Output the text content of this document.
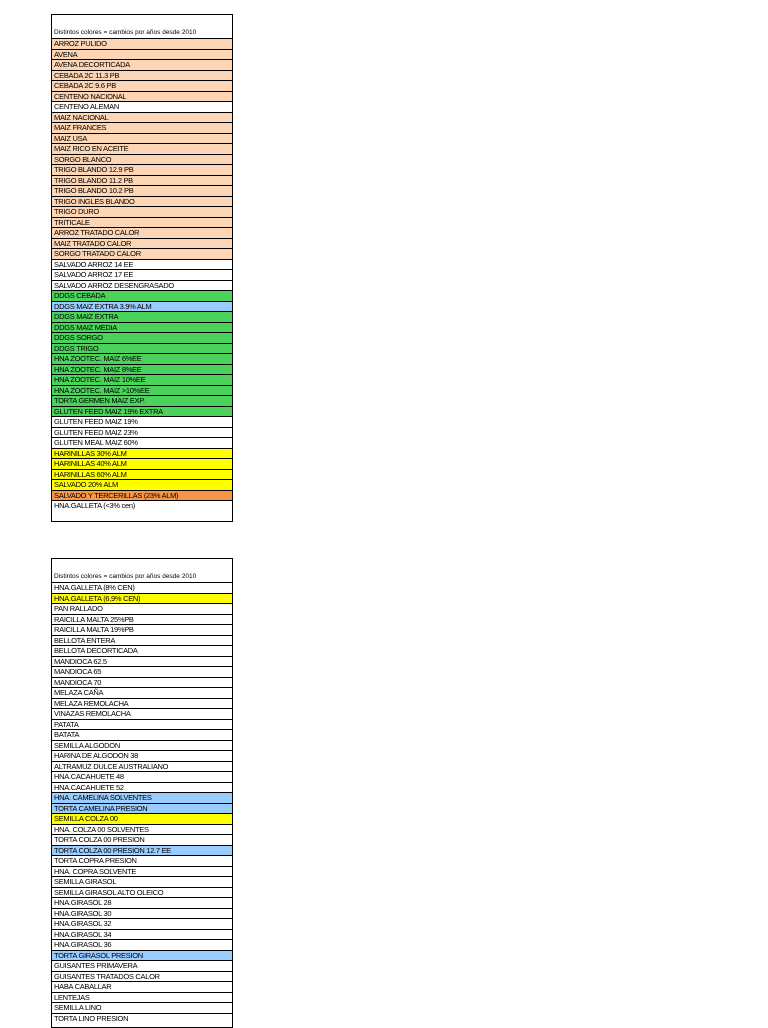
Distintos colores = cambios por años desde 2010
ARROZ PULIDO
AVENA
AVENA DECORTICADA
CEBADA 2C 11.3 PB
CEBADA 2C 9.6 PB
CENTENO NACIONAL
CENTENO ALEMAN
MAIZ NACIONAL
MAIZ FRANCES
MAIZ USA
MAIZ RICO EN ACEITE
SORGO BLANCO
TRIGO BLANDO 12.9 PB
TRIGO BLANDO 11.2 PB
TRIGO BLANDO 10.2 PB
TRIGO INGLES BLANDO
TRIGO DURO
TRITICALE
ARROZ TRATADO CALOR
MAIZ TRATADO CALOR
SORGO TRATADO CALOR
SALVADO ARROZ 14 EE
SALVADO ARROZ 17 EE
SALVADO ARROZ DESENGRASADO
DDGS CEBADA
DDGS MAIZ EXTRA 3.9% ALM
DDGS MAIZ EXTRA
DDGS MAIZ MEDIA
DDGS SORGO
DDGS TRIGO
HNA ZOOTEC. MAIZ 6%EE
HNA ZOOTEC. MAIZ 8%EE
HNA ZOOTEC. MAIZ 10%EE
HNA ZOOTEC. MAIZ >10%EE
TORTA GERMEN MAIZ EXP.
GLUTEN FEED MAIZ 19% EXTRA
GLUTEN FEED MAIZ 19%
GLUTEN FEED MAIZ 23%
GLUTEN MEAL MAIZ 60%
HARINILLAS 30% ALM
HARINILLAS 40% ALM
HARINILLAS 60% ALM
SALVADO 20% ALM
SALVADO Y TERCERILLAS (23% ALM)
HNA.GALLETA (<3% cen)
Distintos colores = cambios por años desde 2010
HNA.GALLETA (8% CEN)
HNA.GALLETA (6,9% CEN)
PAN RALLADO
RAICILLA MALTA 25%PB
RAICILLA MALTA 19%PB
BELLOTA ENTERA
BELLOTA DECORTICADA
MANDIOCA 62.5
MANDIOCA 65
MANDIOCA 70
MELAZA CAÑA
MELAZA REMOLACHA
VINAZAS REMOLACHA
PATATA
BATATA
SEMILLA ALGODON
HARINA DE ALGODON 38
ALTRAMUZ DULCE AUSTRALIANO
HNA.CACAHUETE 48
HNA.CACAHUETE 52
HNA. CAMELINA SOLVENTES
TORTA CAMELINA PRESION
SEMILLA COLZA 00
HNA. COLZA 00 SOLVENTES
TORTA COLZA 00 PRESION
TORTA COLZA 00 PRESION 12.7 EE
TORTA COPRA PRESION
HNA. COPRA SOLVENTE
SEMILLA GIRASOL
SEMILLA GIRASOL ALTO OLEICO
HNA.GIRASOL 28
HNA.GIRASOL 30
HNA.GIRASOL 32
HNA.GIRASOL 34
HNA.GIRASOL 36
TORTA GIRASOL PRESION
GUISANTES PRIMAVERA
GUISANTES TRATADOS CALOR
HABA CABALLAR
LENTEJAS
SEMILLA LINO
TORTA LINO PRESION
